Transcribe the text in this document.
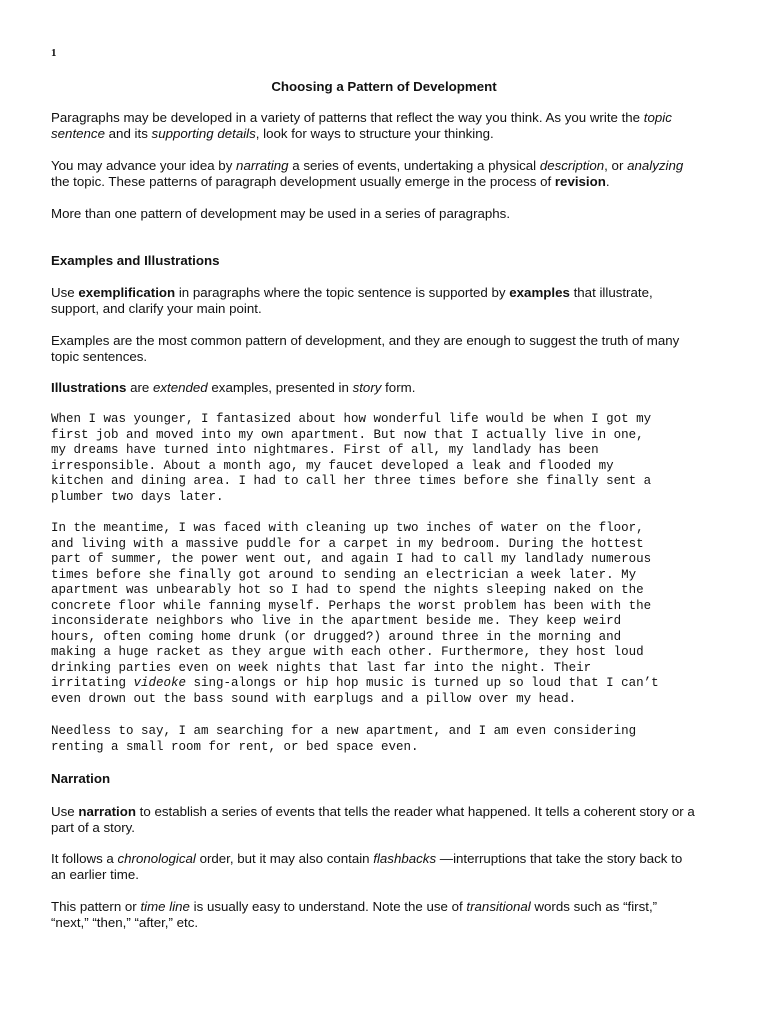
1
Choosing a Pattern of Development
Paragraphs may be developed in a variety of patterns that reflect the way you think. As you write the topic
sentence and its supporting details, look for ways to structure your thinking.
You may advance your idea by narrating a series of events, undertaking a physical description, or analyzing
the topic. These patterns of paragraph development usually emerge in the process of revision.
More than one pattern of development may be used in a series of paragraphs.
Examples and Illustrations
Use exemplification in paragraphs where the topic sentence is supported by examples that illustrate,
support, and clarify your main point.
Examples are the most common pattern of development, and they are enough to suggest the truth of many
topic sentences.
Illustrations are extended examples, presented in story form.
When I was younger, I fantasized about how wonderful life would be when I got my
first job and moved into my own apartment. But now that I actually live in one,
my dreams have turned into nightmares. First of all, my landlady has been
irresponsible. About a month ago, my faucet developed a leak and flooded my
kitchen and dining area. I had to call her three times before she finally sent a
plumber two days later.
In the meantime, I was faced with cleaning up two inches of water on the floor,
and living with a massive puddle for a carpet in my bedroom. During the hottest
part of summer, the power went out, and again I had to call my landlady numerous
times before she finally got around to sending an electrician a week later. My
apartment was unbearably hot so I had to spend the nights sleeping naked on the
concrete floor while fanning myself. Perhaps the worst problem has been with the
inconsiderate neighbors who live in the apartment beside me. They keep weird
hours, often coming home drunk (or drugged?) around three in the morning and
making a huge racket as they argue with each other. Furthermore, they host loud
drinking parties even on week nights that last far into the night. Their
irritating videoke sing-alongs or hip hop music is turned up so loud that I can’t
even drown out the bass sound with earplugs and a pillow over my head.
Needless to say, I am searching for a new apartment, and I am even considering
renting a small room for rent, or bed space even.
Narration
Use narration to establish a series of events that tells the reader what happened. It tells a coherent story or a
part of a story.
It follows a chronological order, but it may also contain flashbacks —interruptions that take the story back to
an earlier time.
This pattern or time line is usually easy to understand. Note the use of transitional words such as “first,”
“next,” “then,” “after,” etc.
